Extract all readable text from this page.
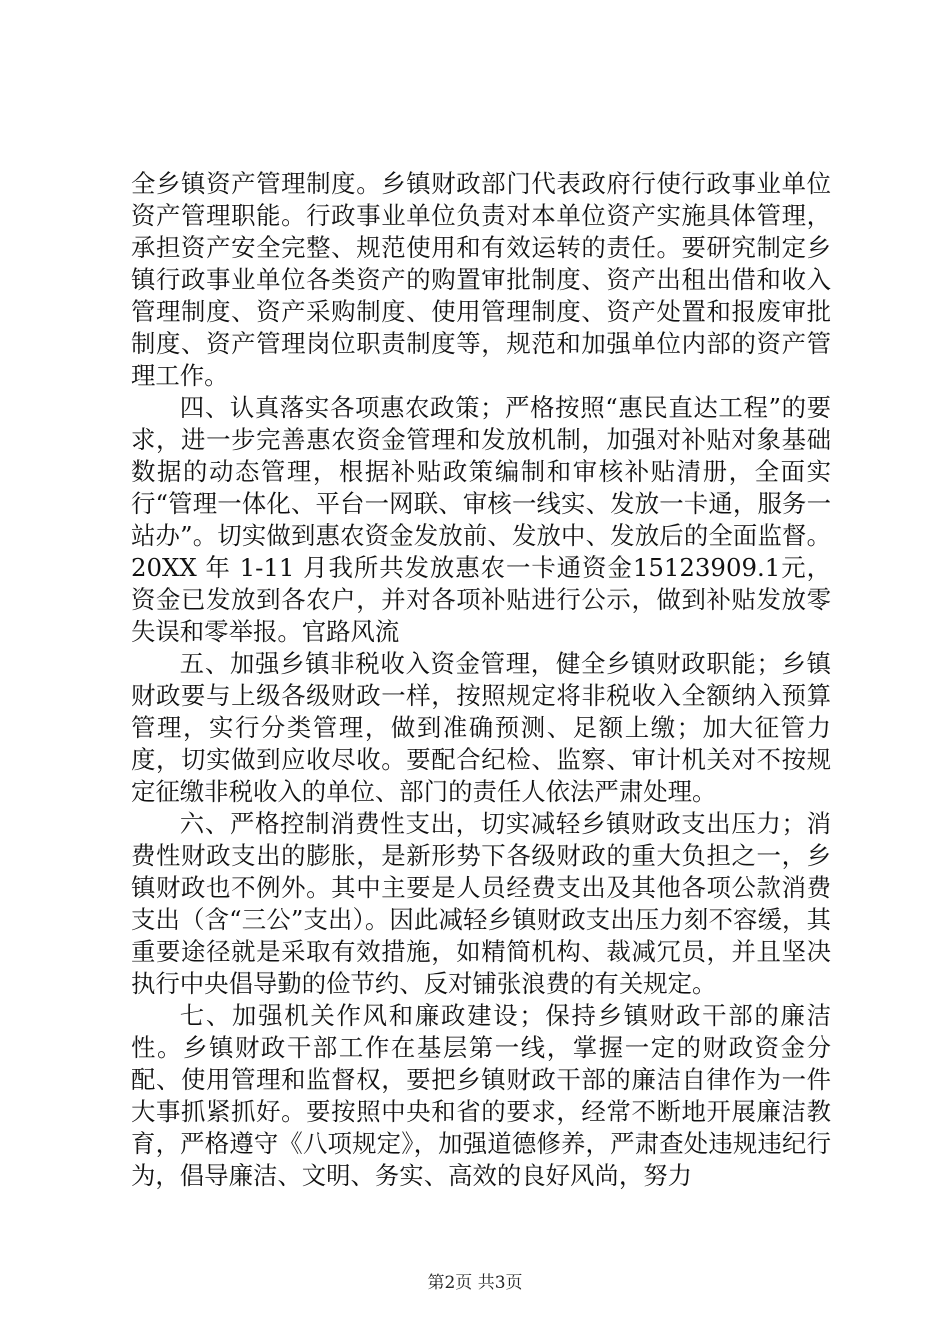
全乡镇资产管理制度。乡镇财政部门代表政府行使行政事业单位资产管理职能。行政事业单位负责对本单位资产实施具体管理，承担资产安全完整、规范使用和有效运转的责任。要研究制定乡镇行政事业单位各类资产的购置审批制度、资产出租出借和收入管理制度、资产采购制度、使用管理制度、资产处置和报废审批制度、资产管理岗位职责制度等，规范和加强单位内部的资产管理工作。

四、认真落实各项惠农政策；严格按照“惠民直达工程”的要求，进一步完善惠农资金管理和发放机制，加强对补贴对象基础数据的动态管理，根据补贴政策编制和审核补贴清册，全面实行“管理一体化、平台一网联、审核一线实、发放一卡通，服务一站办”。切实做到惠农资金发放前、发放中、发放后的全面监督。20XX 年 1-11 月我所共发放惠农一卡通资金15123909.1元，资金已发放到各农户，并对各项补贴进行公示，做到补贴发放零失误和零举报。官路风流

五、加强乡镇非税收入资金管理，健全乡镇财政职能；乡镇财政要与上级各级财政一样，按照规定将非税收入全额纳入预算管理，实行分类管理，做到准确预测、足额上缴；加大征管力度，切实做到应收尽收。要配合纪检、监察、审计机关对不按规定征缴非税收入的单位、部门的责任人依法严肃处理。

六、严格控制消费性支出，切实减轻乡镇财政支出压力；消费性财政支出的膨胀，是新形势下各级财政的重大负担之一，乡镇财政也不例外。其中主要是人员经费支出及其他各项公款消费支出（含“三公”支出）。因此减轻乡镇财政支出压力刻不容缓，其重要途径就是采取有效措施，如精简机构、裁减冗员，并且坚决执行中央倡导勤的俭节约、反对铺张浪费的有关规定。

七、加强机关作风和廉政建设；保持乡镇财政干部的廉洁性。乡镇财政干部工作在基层第一线，掌握一定的财政资金分配、使用管理和监督权，要把乡镇财政干部的廉洁自律作为一件大事抓紧抓好。要按照中央和省的要求，经常不断地开展廉洁教育，严格遵守《八项规定》，加强道德修养，严肃查处违规违纪行为，倡导廉洁、文明、务实、高效的良好风尚，努力

第2页 共3页
